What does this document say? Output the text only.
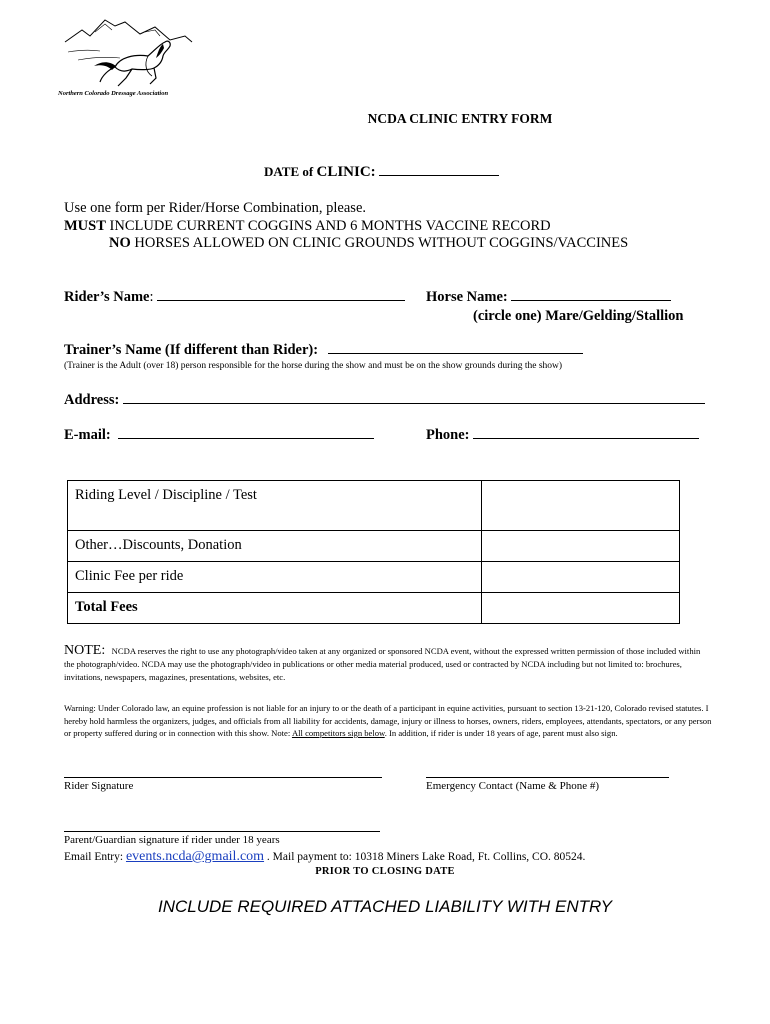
Northern Colorado Dressage Association
NCDA CLINIC ENTRY FORM
DATE of CLINIC:
Use one form per Rider/Horse Combination, please.
MUST INCLUDE CURRENT COGGINS AND 6 MONTHS VACCINE RECORD
NO HORSES ALLOWED ON CLINIC GROUNDS WITHOUT COGGINS/VACCINES
Rider’s Name:	Horse Name:
(circle one) Mare/Gelding/Stallion
Trainer’s Name (If different than Rider):
(Trainer is the Adult (over 18) person responsible for the horse during the show and must be on the show grounds during the show)
Address:
E-mail:	Phone:
Riding Level / Discipline / Test	
Other…Discounts, Donation	
Clinic Fee per ride	
Total Fees	
NOTE: NCDA reserves the right to use any photograph/video taken at any organized or sponsored NCDA event, without the expressed written permission of those included within the photograph/video. NCDA may use the photograph/video in publications or other media material produced, used or contracted by NCDA including but not limited to: brochures, invitations, newspapers, magazines, presentations, websites, etc.
Warning: Under Colorado law, an equine profession is not liable for an injury to or the death of a participant in equine activities, pursuant to section 13-21-120, Colorado revised statutes. I hereby hold harmless the organizers, judges, and officials from all liability for accidents, damage, injury or illness to horses, owners, riders, employees, attendants, spectators, or any person or property suffered during or in connection with this show. Note: All competitors sign below. In addition, if rider is under 18 years of age, parent must also sign.
Rider Signature	Emergency Contact (Name & Phone #)
Parent/Guardian signature if rider under 18 years
Email Entry: events.ncda@gmail.com . Mail payment to: 10318 Miners Lake Road, Ft. Collins, CO. 80524.
PRIOR TO CLOSING DATE
INCLUDE REQUIRED ATTACHED LIABILITY WITH ENTRY
